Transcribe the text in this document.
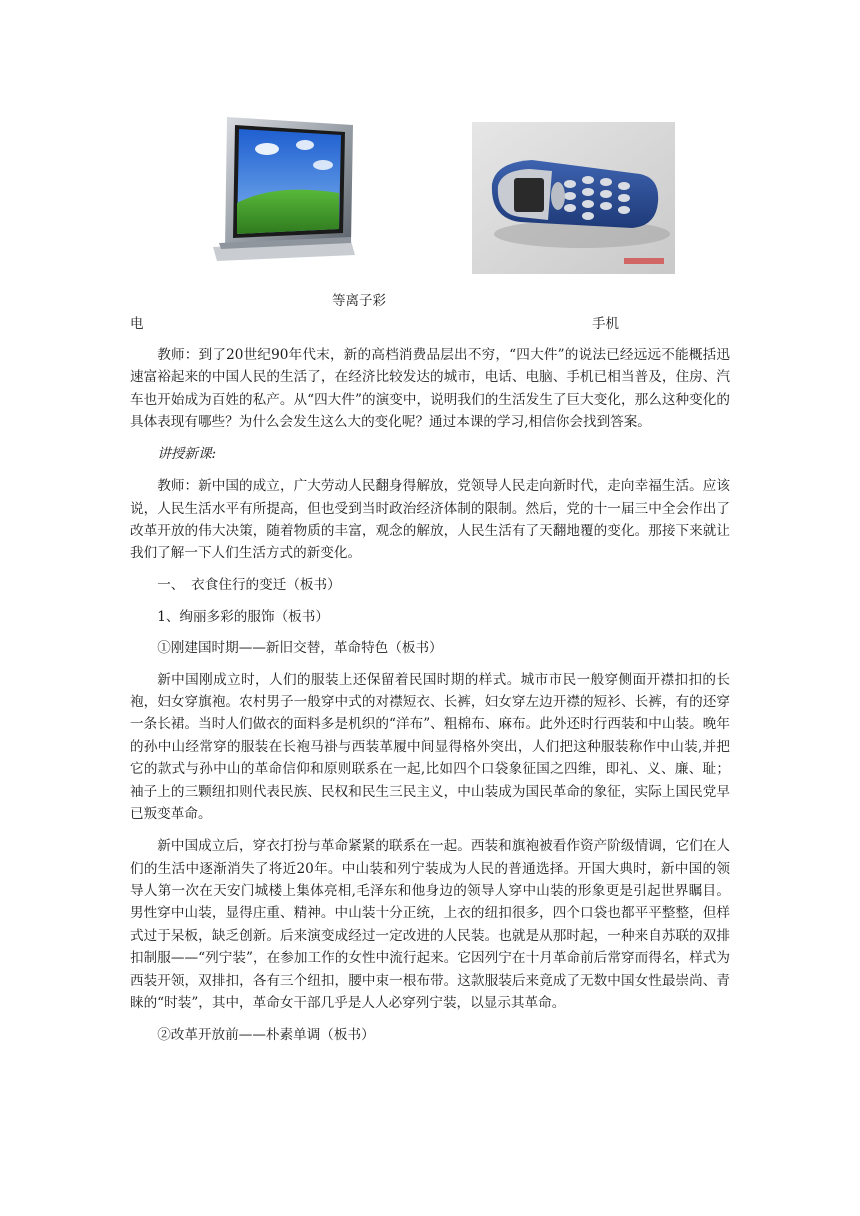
等离子彩
电	手机

教师：到了20世纪90年代末，新的高档消费品层出不穷，“四大件”的说法已经远远不能概括迅速富裕起来的中国人民的生活了，在经济比较发达的城市，电话、电脑、手机已相当普及，住房、汽车也开始成为百姓的私产。从“四大件”的演变中，说明我们的生活发生了巨大变化，那么这种变化的具体表现有哪些？为什么会发生这么大的变化呢？通过本课的学习,相信你会找到答案。

讲授新课:

教师：新中国的成立，广大劳动人民翻身得解放，党领导人民走向新时代，走向幸福生活。应该说，人民生活水平有所提高，但也受到当时政治经济体制的限制。然后，党的十一届三中全会作出了改革开放的伟大决策，随着物质的丰富，观念的解放，人民生活有了天翻地覆的变化。那接下来就让我们了解一下人们生活方式的新变化。

一、　衣食住行的变迁（板书）

1、绚丽多彩的服饰（板书）

①刚建国时期——新旧交替，革命特色（板书）

新中国刚成立时，人们的服装上还保留着民国时期的样式。城市市民一般穿侧面开襟扣扣的长袍，妇女穿旗袍。农村男子一般穿中式的对襟短衣、长裤，妇女穿左边开襟的短衫、长裤，有的还穿一条长裙。当时人们做衣的面料多是机织的“洋布”、粗棉布、麻布。此外还时行西装和中山装。晚年的孙中山经常穿的服装在长袍马褂与西装革履中间显得格外突出，人们把这种服装称作中山装,并把它的款式与孙中山的革命信仰和原则联系在一起,比如四个口袋象征国之四维，即礼、义、廉、耻；袖子上的三颗纽扣则代表民族、民权和民生三民主义，中山装成为国民革命的象征，实际上国民党早已叛变革命。

新中国成立后，穿衣打扮与革命紧紧的联系在一起。西装和旗袍被看作资产阶级情调，它们在人们的生活中逐渐消失了将近20年。中山装和列宁装成为人民的普通选择。开国大典时，新中国的领导人第一次在天安门城楼上集体亮相,毛泽东和他身边的领导人穿中山装的形象更是引起世界瞩目。男性穿中山装，显得庄重、精神。中山装十分正统，上衣的纽扣很多，四个口袋也都平平整整，但样式过于呆板，缺乏创新。后来演变成经过一定改进的人民装。也就是从那时起，一种来自苏联的双排扣制服——“列宁装”，在参加工作的女性中流行起来。它因列宁在十月革命前后常穿而得名，样式为西装开领，双排扣，各有三个纽扣，腰中束一根布带。这款服装后来竟成了无数中国女性最崇尚、青睐的“时装”，其中，革命女干部几乎是人人必穿列宁装，以显示其革命。

②改革开放前——朴素单调（板书）
